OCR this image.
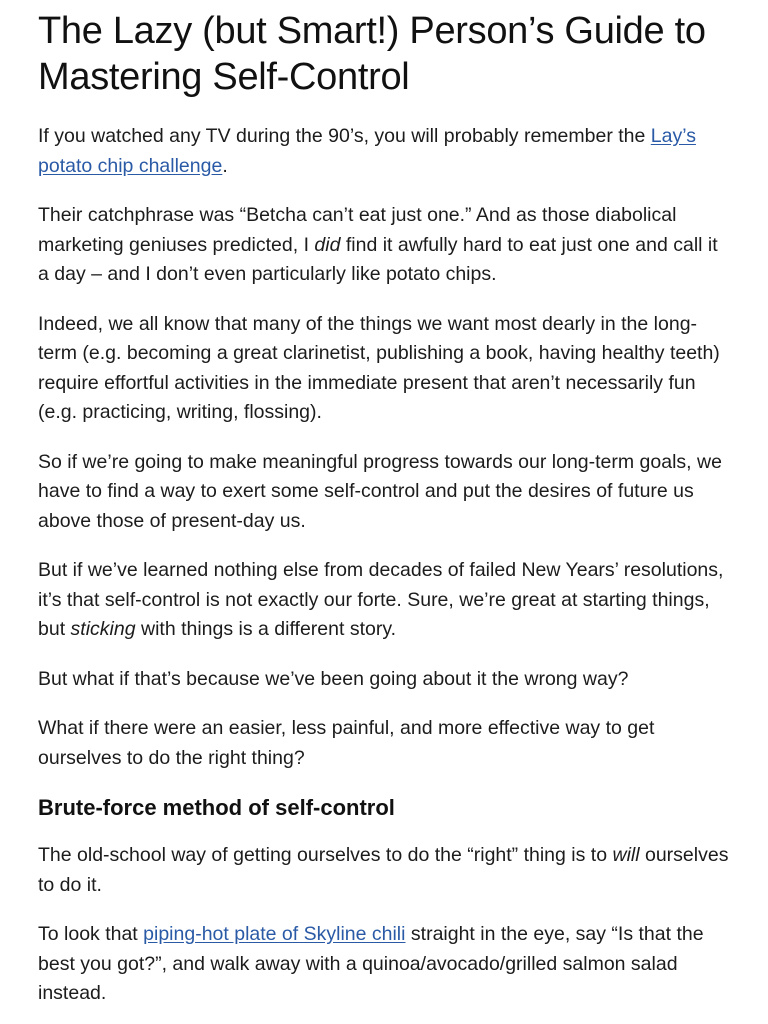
The Lazy (but Smart!) Person’s Guide to Mastering Self-Control

If you watched any TV during the 90’s, you will probably remember the Lay’s potato chip challenge.

Their catchphrase was “Betcha can’t eat just one.” And as those diabolical marketing geniuses predicted, I did find it awfully hard to eat just one and call it a day – and I don’t even particularly like potato chips.

Indeed, we all know that many of the things we want most dearly in the long-term (e.g. becoming a great clarinetist, publishing a book, having healthy teeth) require effortful activities in the immediate present that aren’t necessarily fun (e.g. practicing, writing, flossing).

So if we’re going to make meaningful progress towards our long-term goals, we have to find a way to exert some self-control and put the desires of future us above those of present-day us.

But if we’ve learned nothing else from decades of failed New Years’ resolutions, it’s that self-control is not exactly our forte. Sure, we’re great at starting things, but sticking with things is a different story.

But what if that’s because we’ve been going about it the wrong way?

What if there were an easier, less painful, and more effective way to get ourselves to do the right thing?

Brute-force method of self-control

The old-school way of getting ourselves to do the “right” thing is to will ourselves to do it.

To look that piping-hot plate of Skyline chili straight in the eye, say “Is that the best you got?”, and walk away with a quinoa/avocado/grilled salmon salad instead.
